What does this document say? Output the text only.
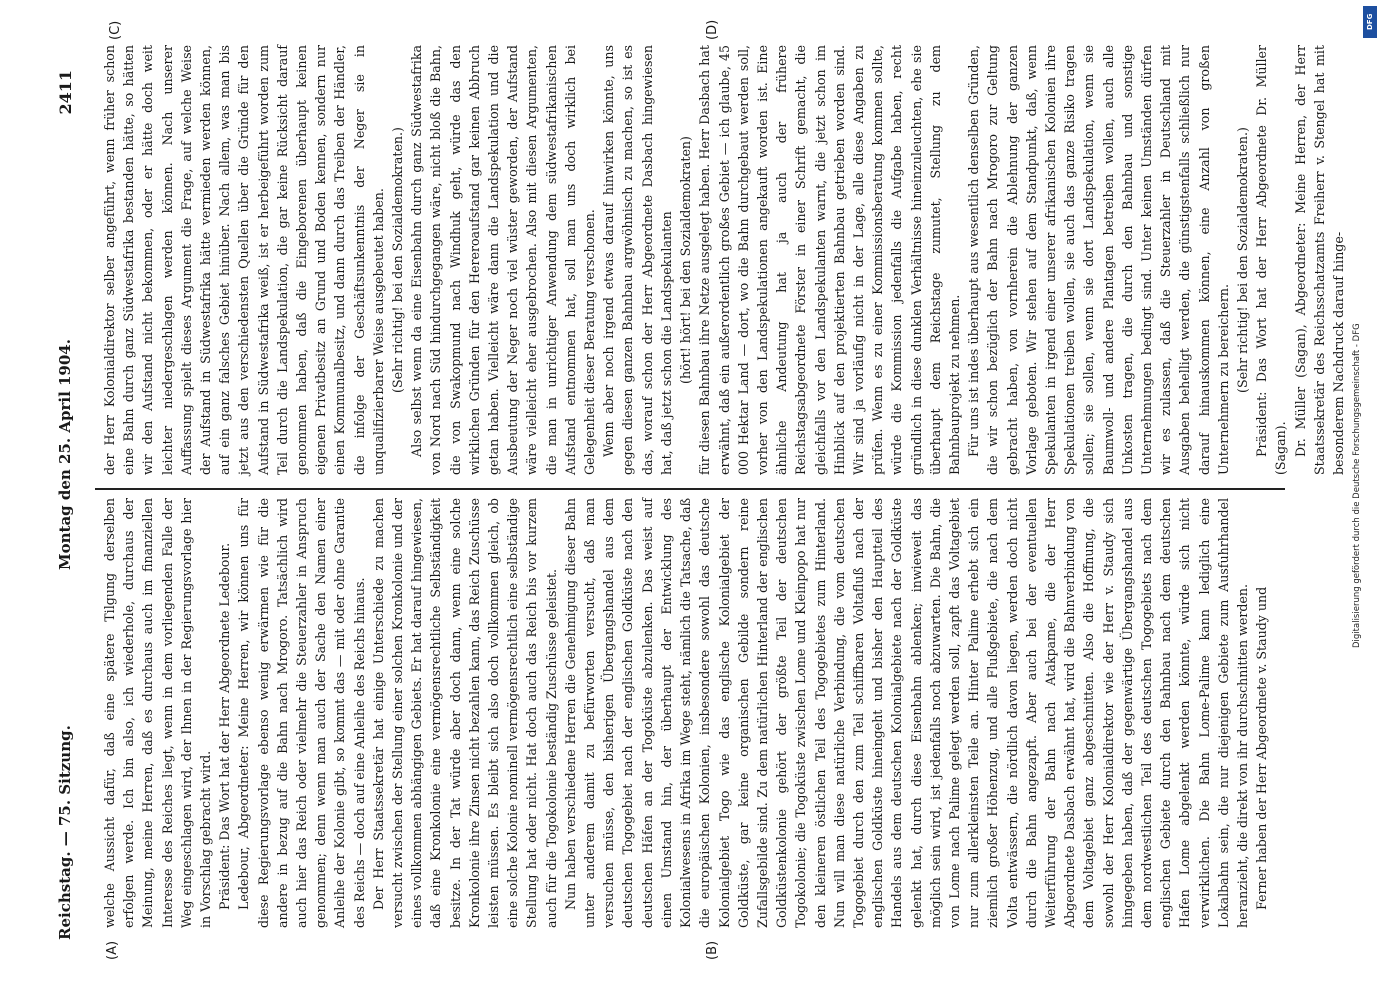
Reichstag. — 75. Sitzung.
Montag den 25. April 1904.
2411
(A)	(B)
(C)	(D)

welche Aussicht dafür, daß eine spätere Tilgung derselben erfolgen werde. Ich bin also, ich wiederhole, durchaus der Meinung, meine Herren, daß es durchaus auch im finanziellen Interesse des Reiches liegt, wenn in dem vorliegenden Falle der Weg eingeschlagen wird, der Ihnen in der Regierungsvorlage hier in Vorschlag gebracht wird. Präsident: Das Wort hat der Herr Abgeordnete Ledebour. Ledebour, Abgeordneter: Meine Herren, wir können uns für diese Regierungsvorlage ebenso wenig erwärmen wie für die andere in bezug auf die Bahn nach Mrogoro. Tatsächlich wird auch hier das Reich oder vielmehr die Steuerzahler in Anspruch genommen; denn wenn man auch der Sache den Namen einer Anleihe der Kolonie gibt, so kommt das — mit oder ohne Garantie des Reichs — doch auf eine Anleihe des Reichs hinaus. Der Herr Staatssekretär hat einige Unterschiede zu machen versucht zwischen der Stellung einer solchen Kronkolonie und der eines vollkommen abhängigen Gebiets. Er hat darauf hingewiesen, daß eine Kronkolonie eine vermögensrechtliche Selbständigkeit besitze. In der Tat würde aber doch dann, wenn eine solche Kronkolonie ihre Zinsen nicht bezahlen kann, das Reich Zuschüsse leisten müssen. Es bleibt sich also doch vollkommen gleich, ob eine solche Kolonie nominell vermögensrechtlich eine selbständige Stellung hat oder nicht. Hat doch auch das Reich bis vor kurzem auch für die Togokolonie beständig Zuschüsse geleistet. Nun haben verschiedene Herren die Genehmigung dieser Bahn unter anderem damit zu befürworten versucht, daß man versuchen müsse, den bisherigen Übergangshandel aus dem deutschen Togogebiet nach der englischen Goldküste nach den deutschen Häfen an der Togoküste abzulenken. Das weist auf einen Umstand hin, der überhaupt der Entwicklung des Kolonialwesens in Afrika im Wege steht, nämlich die Tatsache, daß die europäischen Kolonien, insbesondere sowohl das deutsche Kolonialgebiet Togo wie das englische Kolonialgebiet der Goldküste, gar keine organischen Gebilde sondern reine Zufallsgebilde sind. Zu dem natürlichen Hinterland der englischen Goldküstenkolonie gehört der größte Teil der deutschen Togokolonie; die Togoküste zwischen Lome und Kleinpopo hat nur den kleineren östlichen Teil des Togogebietes zum Hinterland. Nun will man diese natürliche Verbindung, die vom deutschen Togogebiet durch den zum Teil schiffbaren Voltafluß nach der englischen Goldküste hineingeht und bisher den Hauptteil des Handels aus dem deutschen Kolonialgebiete nach der Goldküste gelenkt hat, durch diese Eisenbahn ablenken; inwieweit das möglich sein wird, ist jedenfalls noch abzuwarten. Die Bahn, die von Lome nach Palime gelegt werden soll, zapft das Voltagebiet nur zum allerkleinsten Teile an. Hinter Palime erhebt sich ein ziemlich großer Höhenzug, und alle Flußgebiete, die nach dem Volta entwässern, die nördlich davon liegen, werden doch nicht durch die Bahn angezapft. Aber auch bei der eventuellen Weiterführung der Bahn nach Atakpame, die der Herr Abgeordnete Dasbach erwähnt hat, wird die Bahnverbindung von dem Voltagebiet ganz abgeschnitten. Also die Hoffnung, die sowohl der Herr Kolonialdirektor wie der Herr v. Staudy sich hingegeben haben, daß der gegenwärtige Übergangshandel aus dem nordwestlichen Teil des deutschen Togogebiets nach dem englischen Gebiete durch den Bahnbau nach dem deutschen Hafen Lome abgelenkt werden könnte, würde sich nicht verwirklichen. Die Bahn Lome-Palime kann lediglich eine Lokalbahn sein, die nur diejenigen Gebiete zum Ausfuhrhandel heranzieht, die direkt von ihr durchschnitten werden. Ferner haben der Herr Abgeordnete v. Staudy und

der Herr Kolonialdirektor selber angeführt, wenn früher schon eine Bahn durch ganz Südwestafrika bestanden hätte, so hätten wir den Aufstand nicht bekommen, oder er hätte doch weit leichter niedergeschlagen werden können. Nach unserer Auffassung spielt dieses Argument die Frage, auf welche Weise der Aufstand in Südwestafrika hätte vermieden werden können, auf ein ganz falsches Gebiet hinüber. Nach allem, was man bis jetzt aus den verschiedensten Quellen über die Gründe für den Aufstand in Südwestafrika weiß, ist er herbeigeführt worden zum Teil durch die Landspekulation, die gar keine Rücksicht darauf genommen haben, daß die Eingeborenen überhaupt keinen eigenen Privatbesitz an Grund und Boden kennen, sondern nur einen Kommunalbesitz, und dann durch das Treiben der Händler, die infolge der Geschäftsunkenntnis der Neger sie in unqualifizierbarer Weise ausgebeutet haben. (Sehr richtig! bei den Sozialdemokraten.) Also selbst wenn da eine Eisenbahn durch ganz Südwestafrika von Nord nach Süd hindurchgegangen wäre, nicht bloß die Bahn, die von Swakopmund nach Windhuk geht, würde das den wirklichen Gründen für den Hereroaufstand gar keinen Abbruch getan haben. Vielleicht wäre dann die Landspekulation und die Ausbeutung der Neger noch viel wüster geworden, der Aufstand wäre vielleicht eher ausgebrochen. Also mit diesen Argumenten, die man in unrichtiger Anwendung dem südwestafrikanischen Aufstand entnommen hat, soll man uns doch wirklich bei Gelegenheit dieser Beratung verschonen. Wenn aber noch irgend etwas darauf hinwirken könnte, uns gegen diesen ganzen Bahnbau argwöhnisch zu machen, so ist es das, worauf schon der Herr Abgeordnete Dasbach hingewiesen hat, daß jetzt schon die Landspekulanten (hört! hört! bei den Sozialdemokraten) für diesen Bahnbau ihre Netze ausgelegt haben. Herr Dasbach hat erwähnt, daß ein außerordentlich großes Gebiet — ich glaube, 45 000 Hektar Land — dort, wo die Bahn durchgebaut werden soll, vorher von den Landspekulationen angekauft worden ist. Eine ähnliche Andeutung hat ja auch der frühere Reichstagsabgeordnete Förster in einer Schrift gemacht, die gleichfalls vor den Landspekulanten warnt, die jetzt schon im Hinblick auf den projektierten Bahnbau getrieben worden sind. Wir sind ja vorläufig nicht in der Lage, alle diese Angaben zu prüfen. Wenn es zu einer Kommissionsberatung kommen sollte, würde die Kommission jedenfalls die Aufgabe haben, recht gründlich in diese dunklen Verhältnisse hineinzuleuchten, ehe sie überhaupt dem Reichstage zumutet, Stellung zu dem Bahnbauprojekt zu nehmen. Für uns ist indes überhaupt aus wesentlich denselben Gründen, die wir schon bezüglich der Bahn nach Mrogoro zur Geltung gebracht haben, von vornherein die Ablehnung der ganzen Vorlage geboten. Wir stehen auf dem Standpunkt, daß, wenn Spekulanten in irgend einer unserer afrikanischen Kolonien ihre Spekulationen treiben wollen, sie auch das ganze Risiko tragen sollen; sie sollen, wenn sie dort Landspekulation, wenn sie Baumwoll- und andere Plantagen betreiben wollen, auch alle Unkosten tragen, die durch den Bahnbau und sonstige Unternehmungen bedingt sind. Unter keinen Umständen dürfen wir es zulassen, daß die Steuerzahler in Deutschland mit Ausgaben behelligt werden, die günstigstenfalls schließlich nur darauf hinauskommen können, eine Anzahl von großen Unternehmern zu bereichern. (Sehr richtig! bei den Sozialdemokraten.) Präsident: Das Wort hat der Herr Abgeordnete Dr. Müller (Sagan). Dr. Müller (Sagan), Abgeordneter: Meine Herren, der Herr Staatssekretär des Reichsschatzamts Freiherr v. Stengel hat mit besonderem Nachdruck darauf hinge-

DFG
Digitalisierung gefördert durch die Deutsche Forschungsgemeinschaft - DFG
